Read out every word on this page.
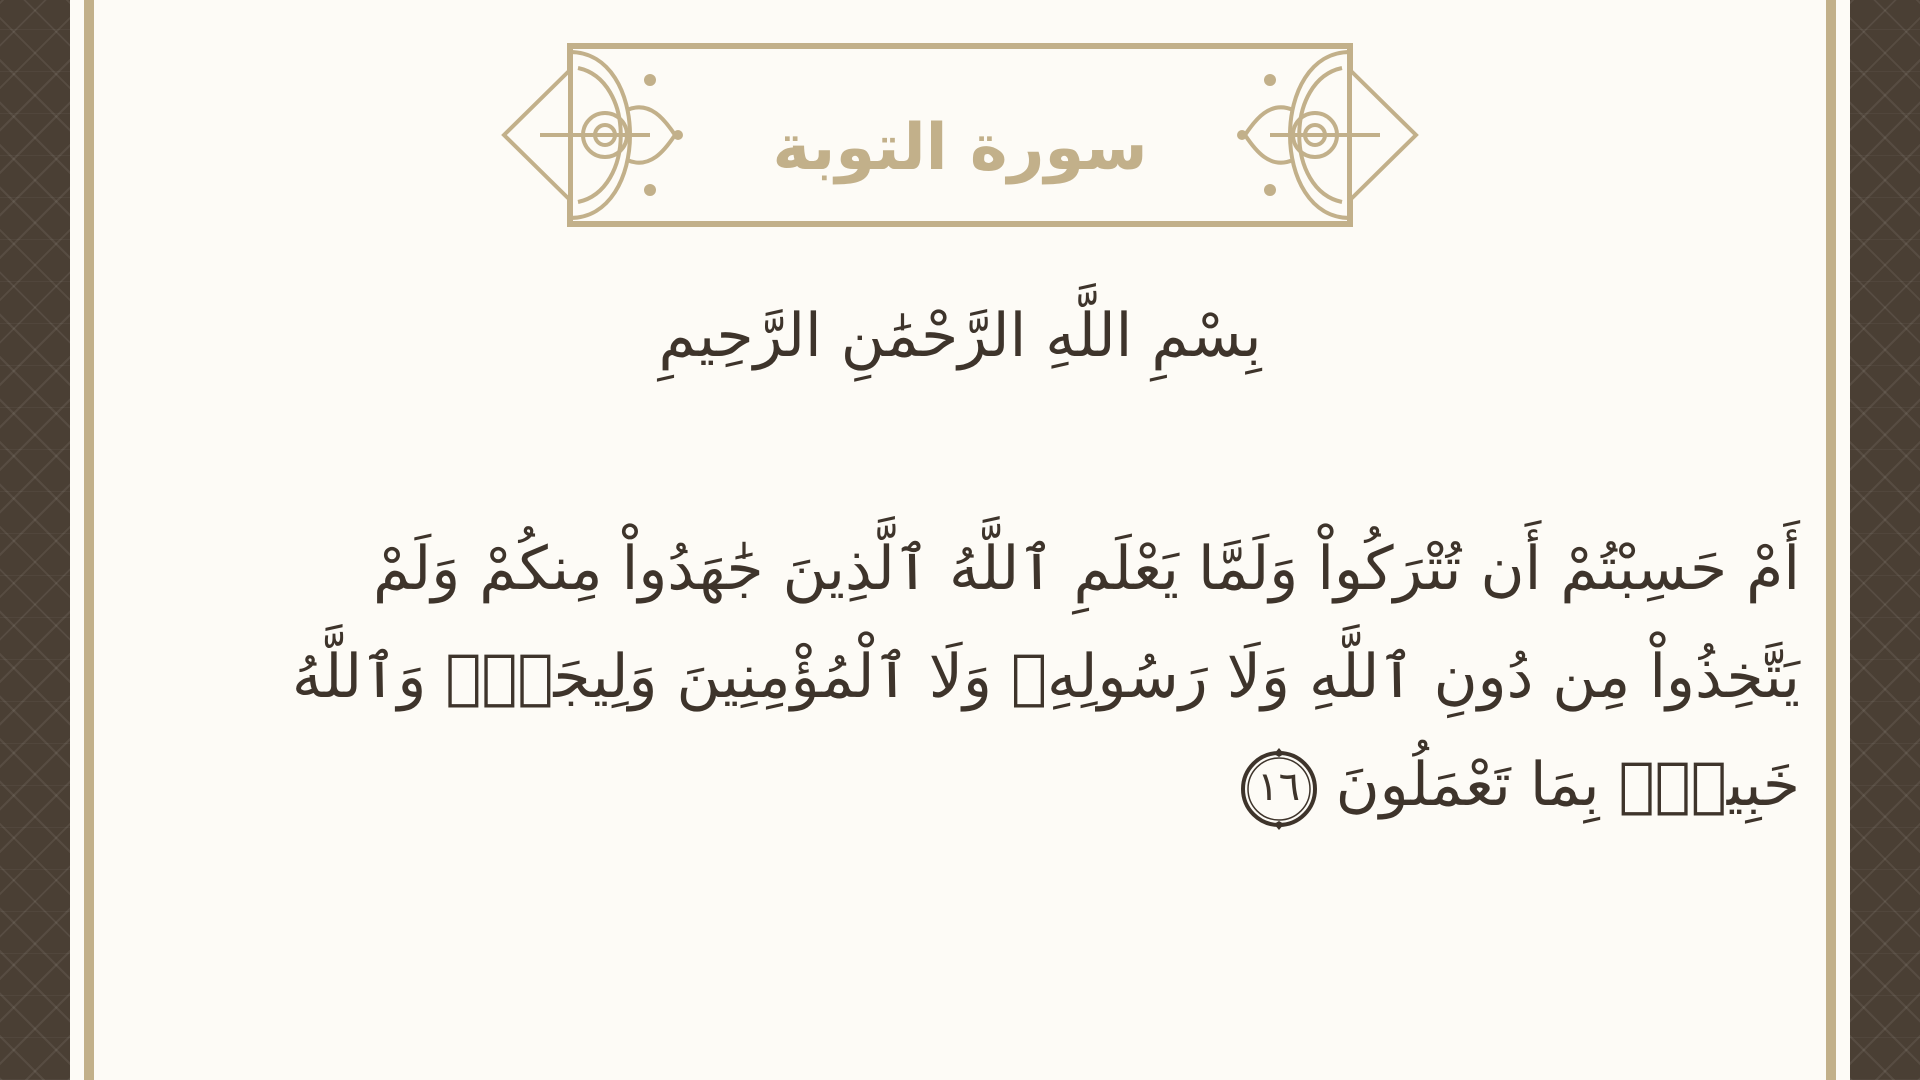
سورة التوبة
بِسْمِ اللَّهِ الرَّحْمَٰنِ الرَّحِيمِ
أَمْ حَسِبْتُمْ أَن تُتْرَكُواْ وَلَمَّا يَعْلَمِ ٱللَّهُ ٱلَّذِينَ جَٰهَدُواْ مِنكُمْ وَلَمْ
يَتَّخِذُواْ مِن دُونِ ٱللَّهِ وَلَا رَسُولِهِۦ وَلَا ٱلْمُؤْمِنِينَ وَلِيجَةًۚ وَٱللَّهُ
خَبِيرٌۢ بِمَا تَعْمَلُونَ
١٦
